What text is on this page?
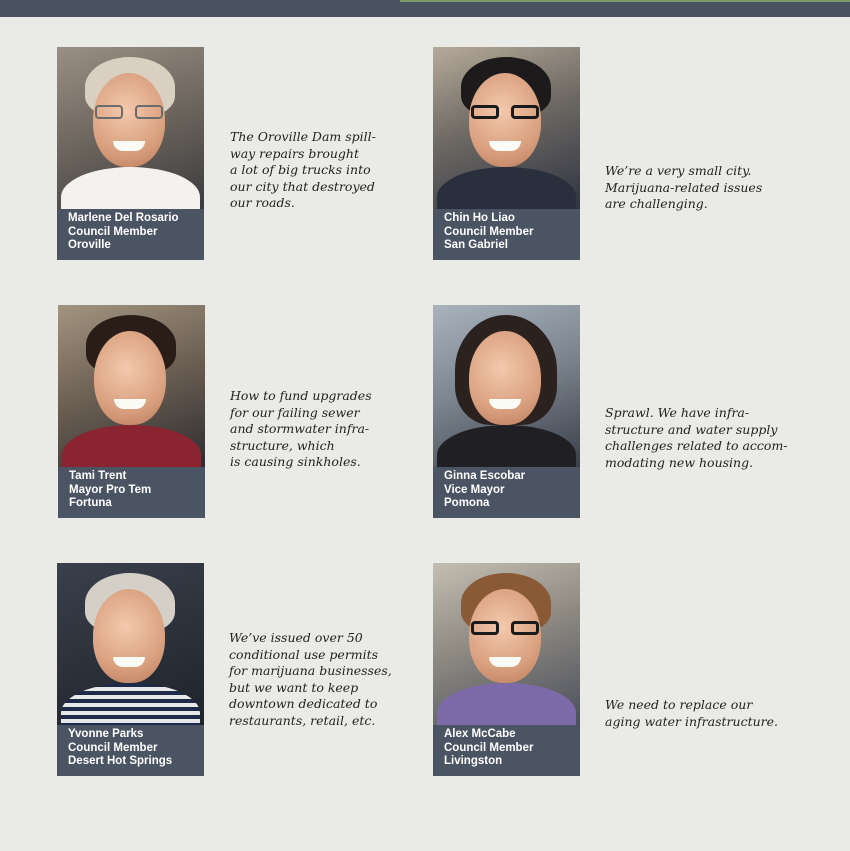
Marlene Del Rosario
Council Member
Oroville
The Oroville Dam spill-
way repairs brought
a lot of big trucks into
our city that destroyed
our roads.
Chin Ho Liao
Council Member
San Gabriel
We’re a very small city.
Marijuana-related issues
are challenging.
Tami Trent
Mayor Pro Tem
Fortuna
How to fund upgrades
for our failing sewer
and stormwater infra-
structure, which
is causing sinkholes.
Ginna Escobar
Vice Mayor
Pomona
Sprawl. We have infra-
structure and water supply
challenges related to accom-
modating new housing.
Yvonne Parks
Council Member
Desert Hot Springs
We’ve issued over 50
conditional use permits
for marijuana businesses,
but we want to keep
downtown dedicated to
restaurants, retail, etc.
Alex McCabe
Council Member
Livingston
We need to replace our
aging water infrastructure.
